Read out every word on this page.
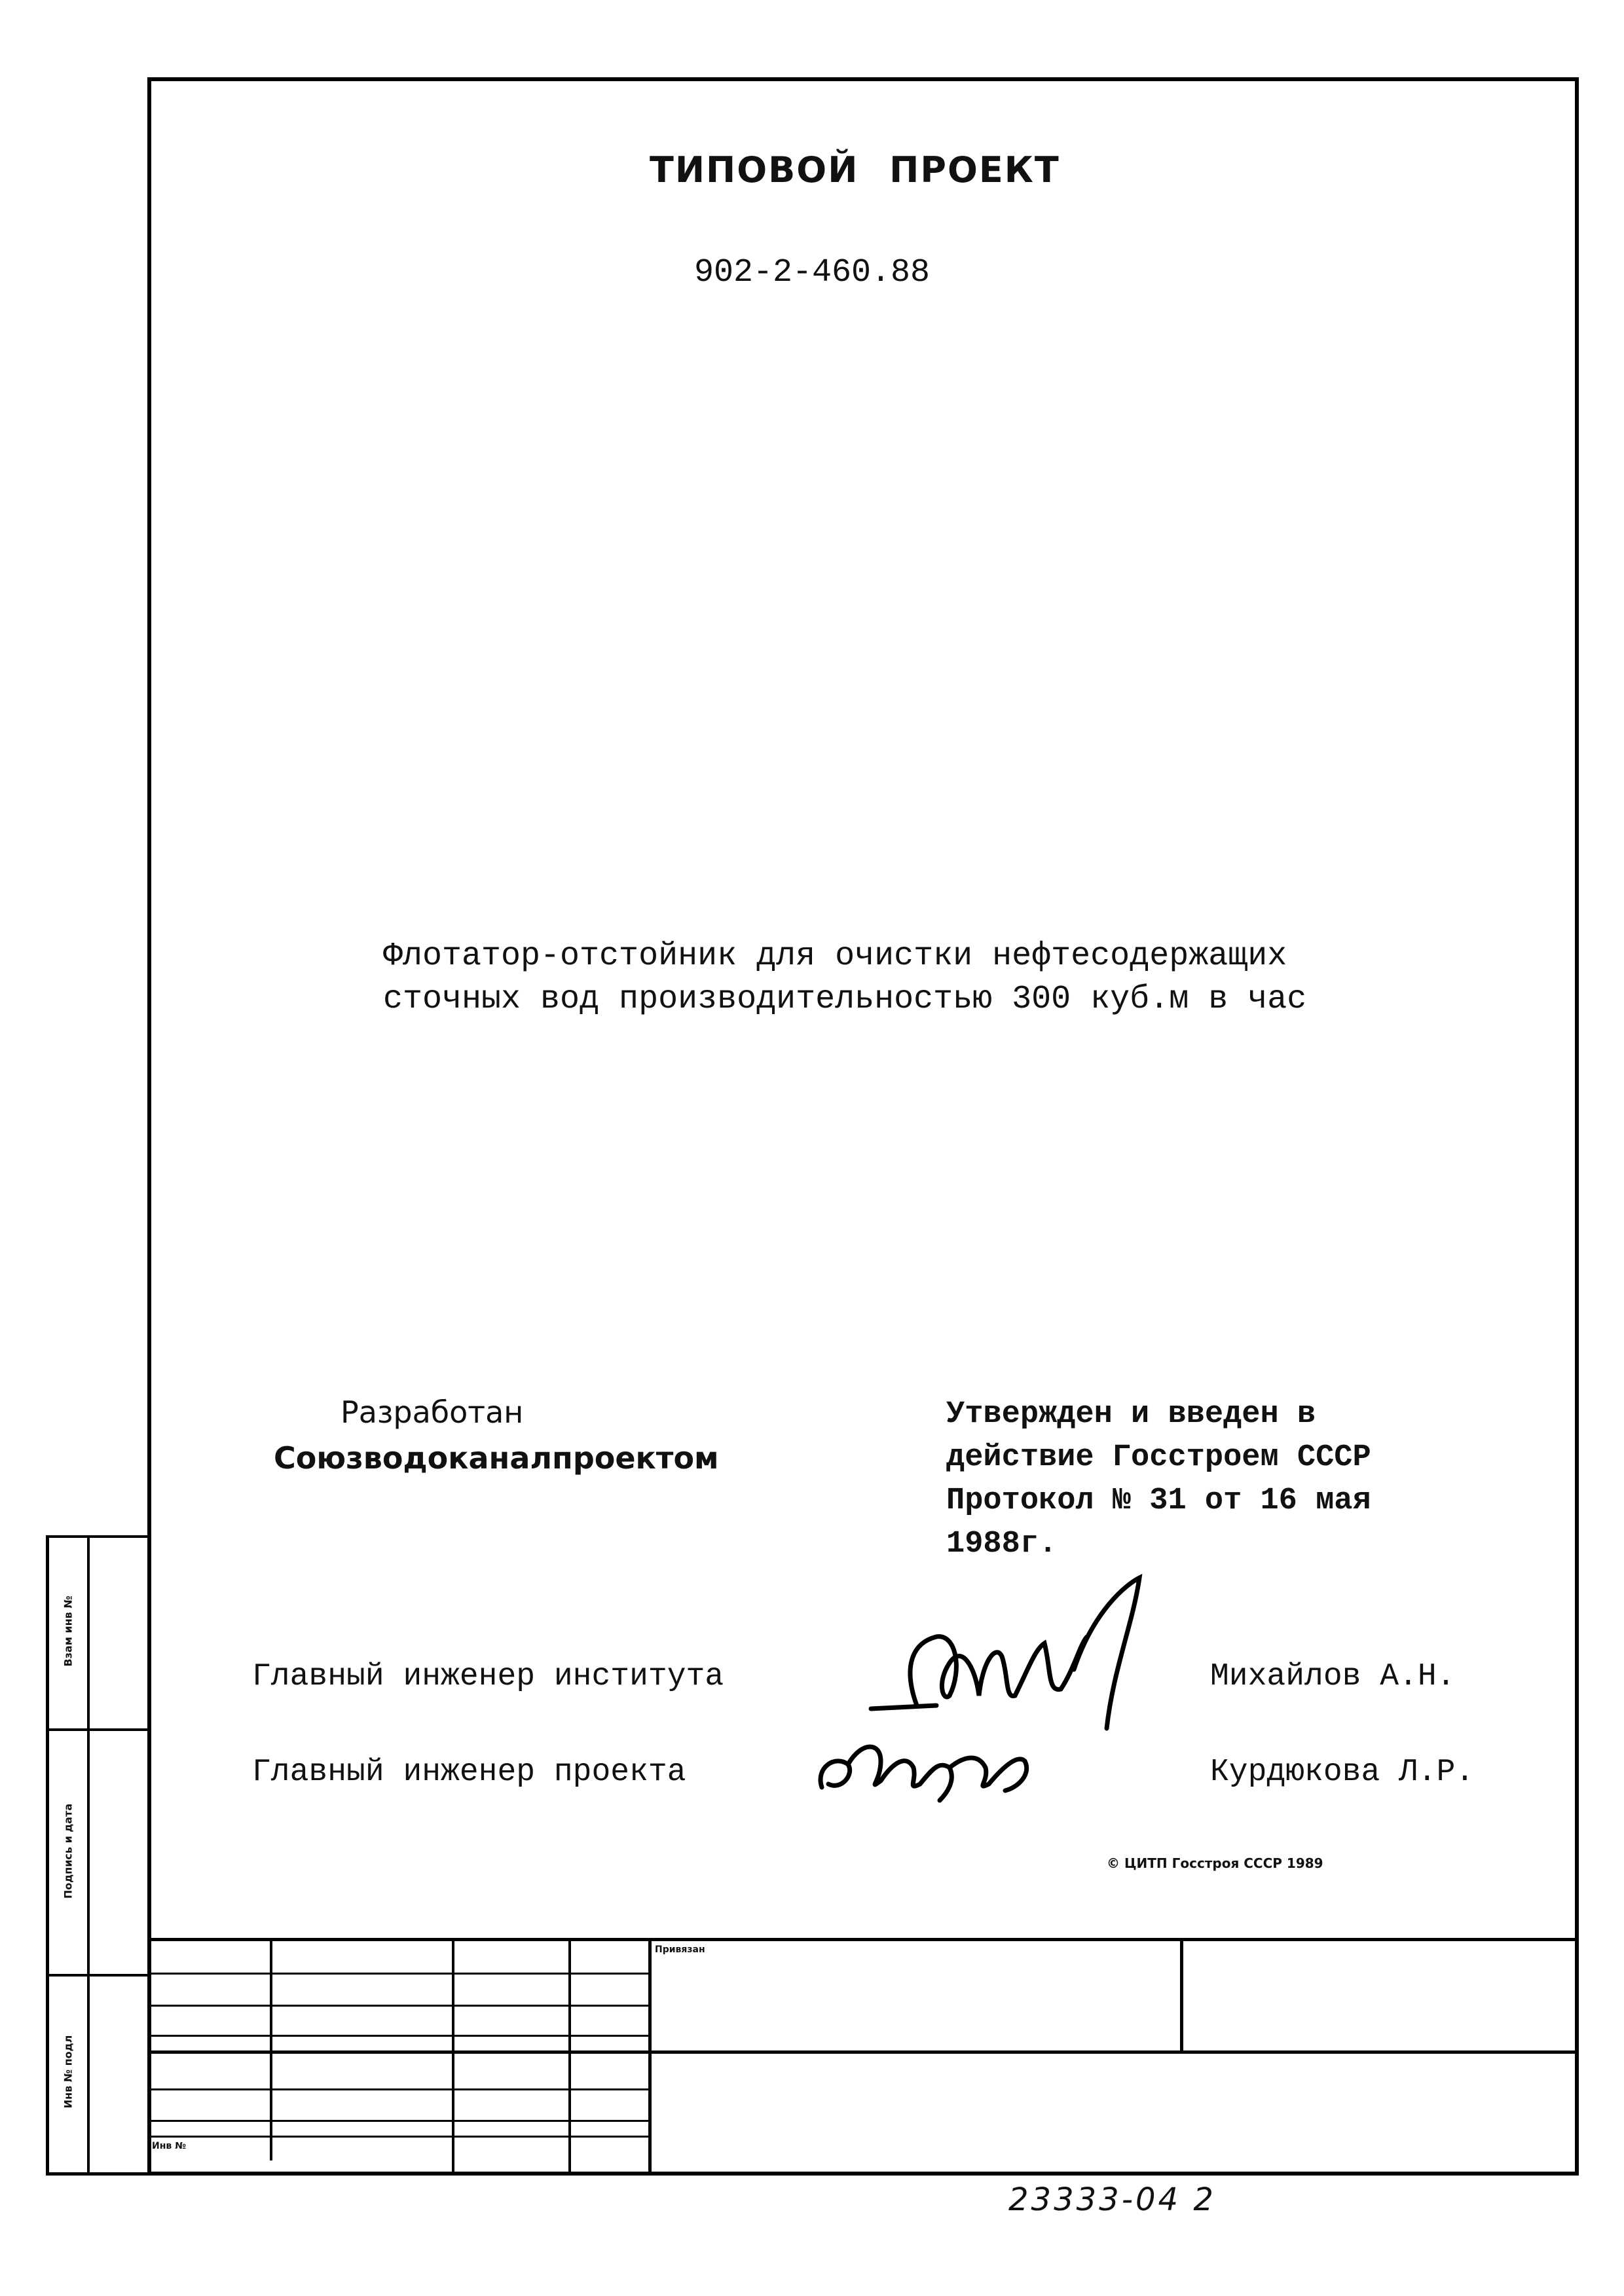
Взам инв №
Подпись и дата
Инв № подл
ТИПОВОЙ ПРОЕКТ
902-2-460.88
Флотатор-отстойник для очистки нефтесодержащих
сточных вод производительностью 300 куб.м в час
Разработан
Союзводоканалпроектом
Утвержден и введен в
действие Госстроем СССР
Протокол № 31 от 16 мая
1988г.
Главный инженер института	Михайлов А.Н.
Главный инженер проекта	Курдюкова Л.Р.
© ЦИТП Госстроя СССР 1989
Привязан
Инв №
23333-04 2
